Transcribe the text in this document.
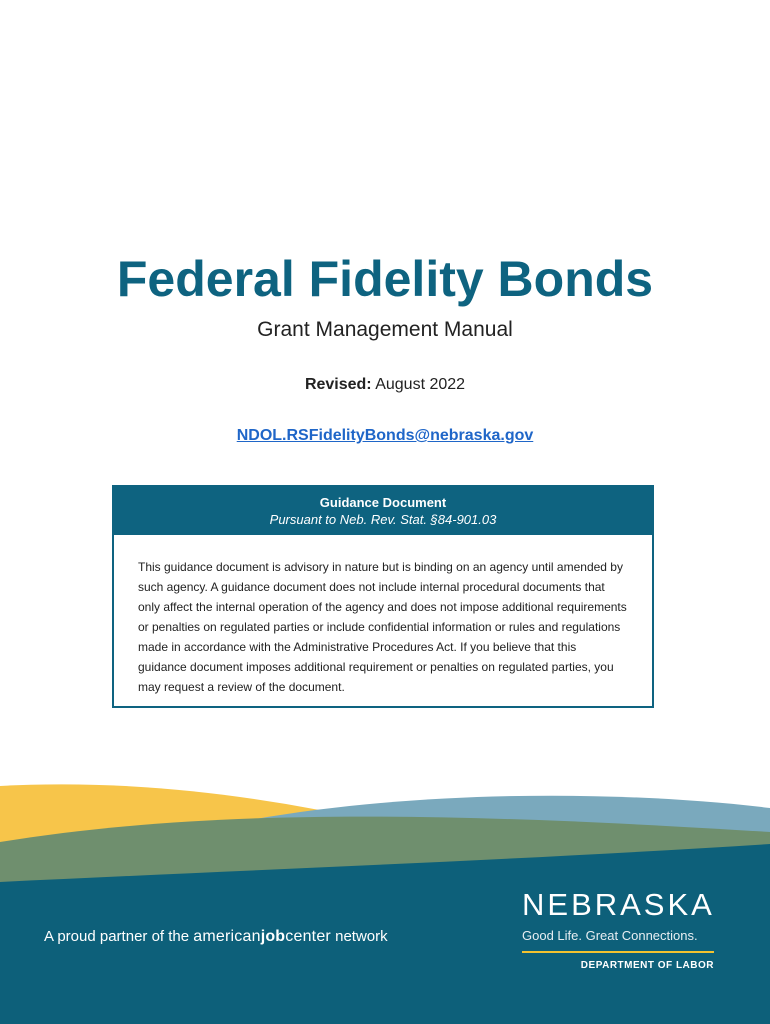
Federal Fidelity Bonds
Grant Management Manual
Revised: August 2022
NDOL.RSFidelityBonds@nebraska.gov
Guidance Document
Pursuant to Neb. Rev. Stat. §84-901.03
This guidance document is advisory in nature but is binding on an agency until amended by such agency. A guidance document does not include internal procedural documents that only affect the internal operation of the agency and does not impose additional requirements or penalties on regulated parties or include confidential information or rules and regulations made in accordance with the Administrative Procedures Act. If you believe that this guidance document imposes additional requirement or penalties on regulated parties, you may request a review of the document.
A proud partner of the americanjobcenter network
NEBRASKA
Good Life. Great Connections.
DEPARTMENT OF LABOR
